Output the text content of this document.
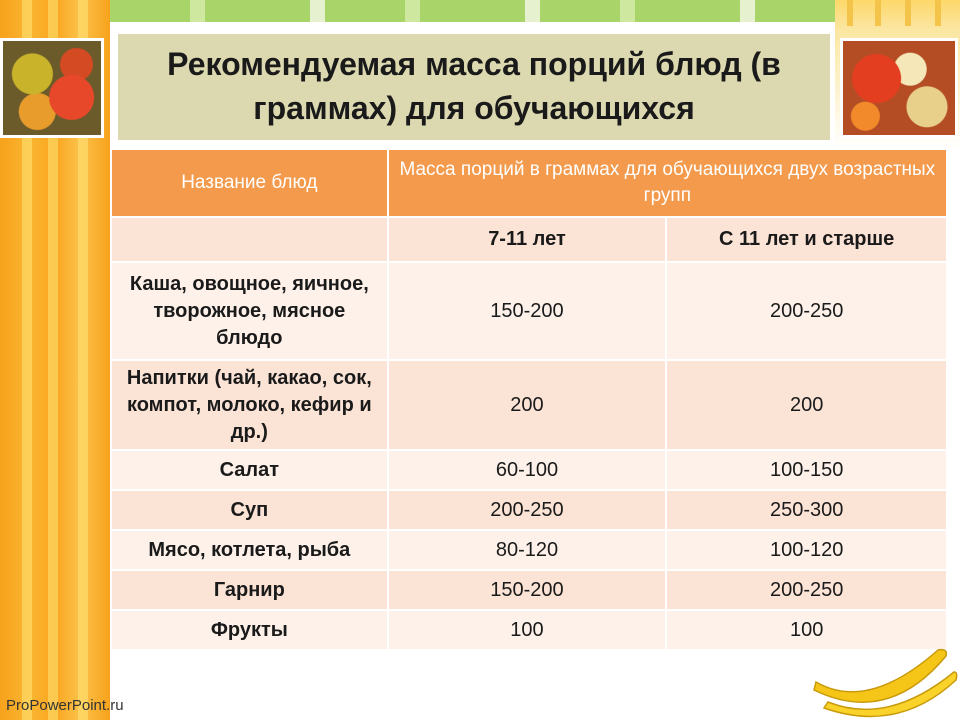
Рекомендуемая масса порций блюд (в граммах) для обучающихся
Название блюд	Масса порций в граммах для обучающихся двух возрастных групп	
	7-11 лет	С 11 лет и старше
Каша, овощное, яичное, творожное, мясное блюдо	150-200	200-250
Напитки (чай, какао, сок, компот, молоко, кефир и др.)	200	200
Салат	60-100	100-150
Суп	200-250	250-300
Мясо, котлета, рыба	80-120	100-120
Гарнир	150-200	200-250
Фрукты	100	100
ProPowerPoint.ru
